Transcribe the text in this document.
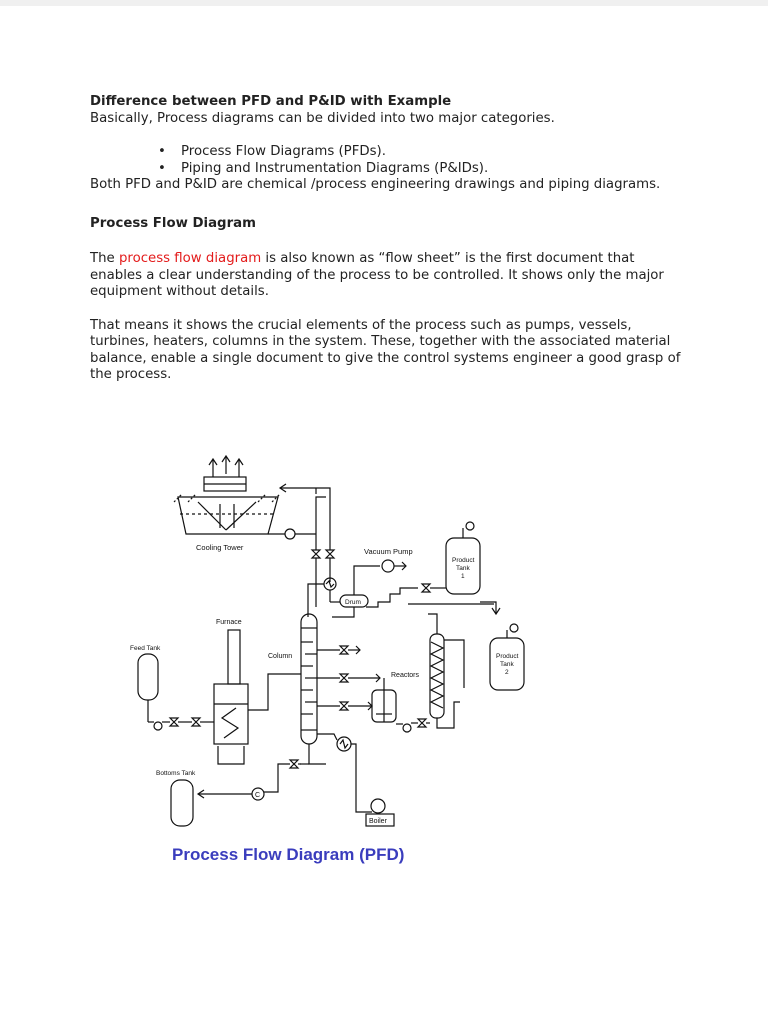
Difference between PFD and P&ID with Example

Basically, Process diagrams can be divided into two major categories.

• Process Flow Diagrams (PFDs).
• Piping and Instrumentation Diagrams (P&IDs).

Both PFD and P&ID are chemical /process engineering drawings and piping diagrams.

Process Flow Diagram

The process flow diagram is also known as “flow sheet” is the first document that enables a clear understanding of the process to be controlled. It shows only the major equipment without details.

That means it shows the crucial elements of the process such as pumps, vessels, turbines, heaters, columns in the system. These, together with the associated material balance, enable a single document to give the control systems engineer a good grasp of the process.

Cooling Tower
Drum
Vacuum Pump
Product
Tank
1
Column
Reactors
Product
Tank
2
Furnace
Feed Tank
C
Bottoms Tank
Boiler
Process Flow Diagram (PFD)
